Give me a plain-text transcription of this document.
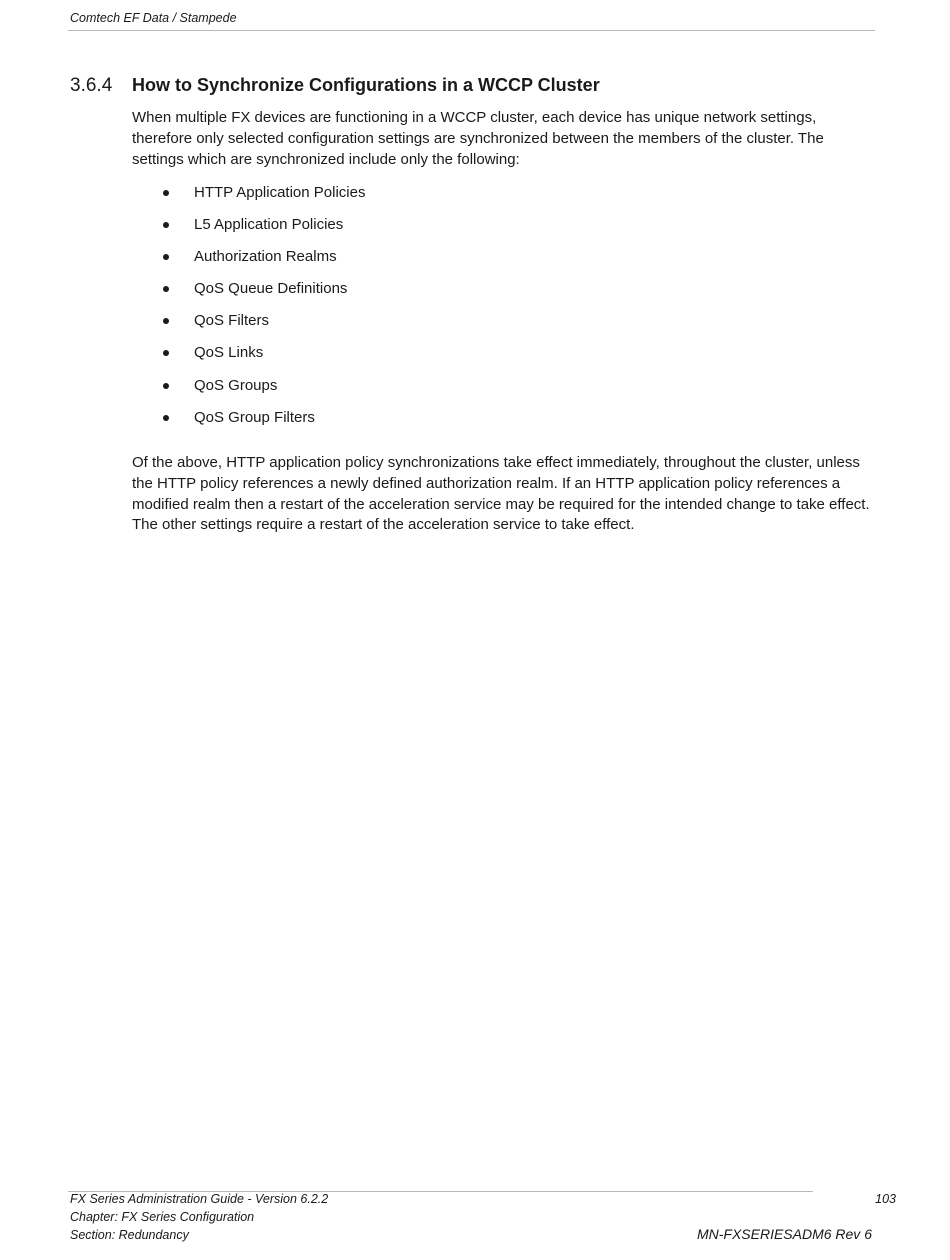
Comtech EF Data / Stampede
3.6.4 How to Synchronize Configurations in a WCCP Cluster

When multiple FX devices are functioning in a WCCP cluster, each device has unique network settings, therefore only selected configuration settings are synchronized between the members of the cluster. The settings which are synchronized include only the following:

HTTP Application Policies
L5 Application Policies
Authorization Realms
QoS Queue Definitions
QoS Filters
QoS Links
QoS Groups
QoS Group Filters

Of the above, HTTP application policy synchronizations take effect immediately, throughout the cluster, unless the HTTP policy references a newly defined authorization realm. If an HTTP application policy references a modified realm then a restart of the acceleration service may be required for the intended change to take effect. The other settings require a restart of the acceleration service to take effect.

FX Series Administration Guide - Version 6.2.2
Chapter: FX Series Configuration
Section: Redundancy
103
MN-FXSERIESADM6 Rev 6
